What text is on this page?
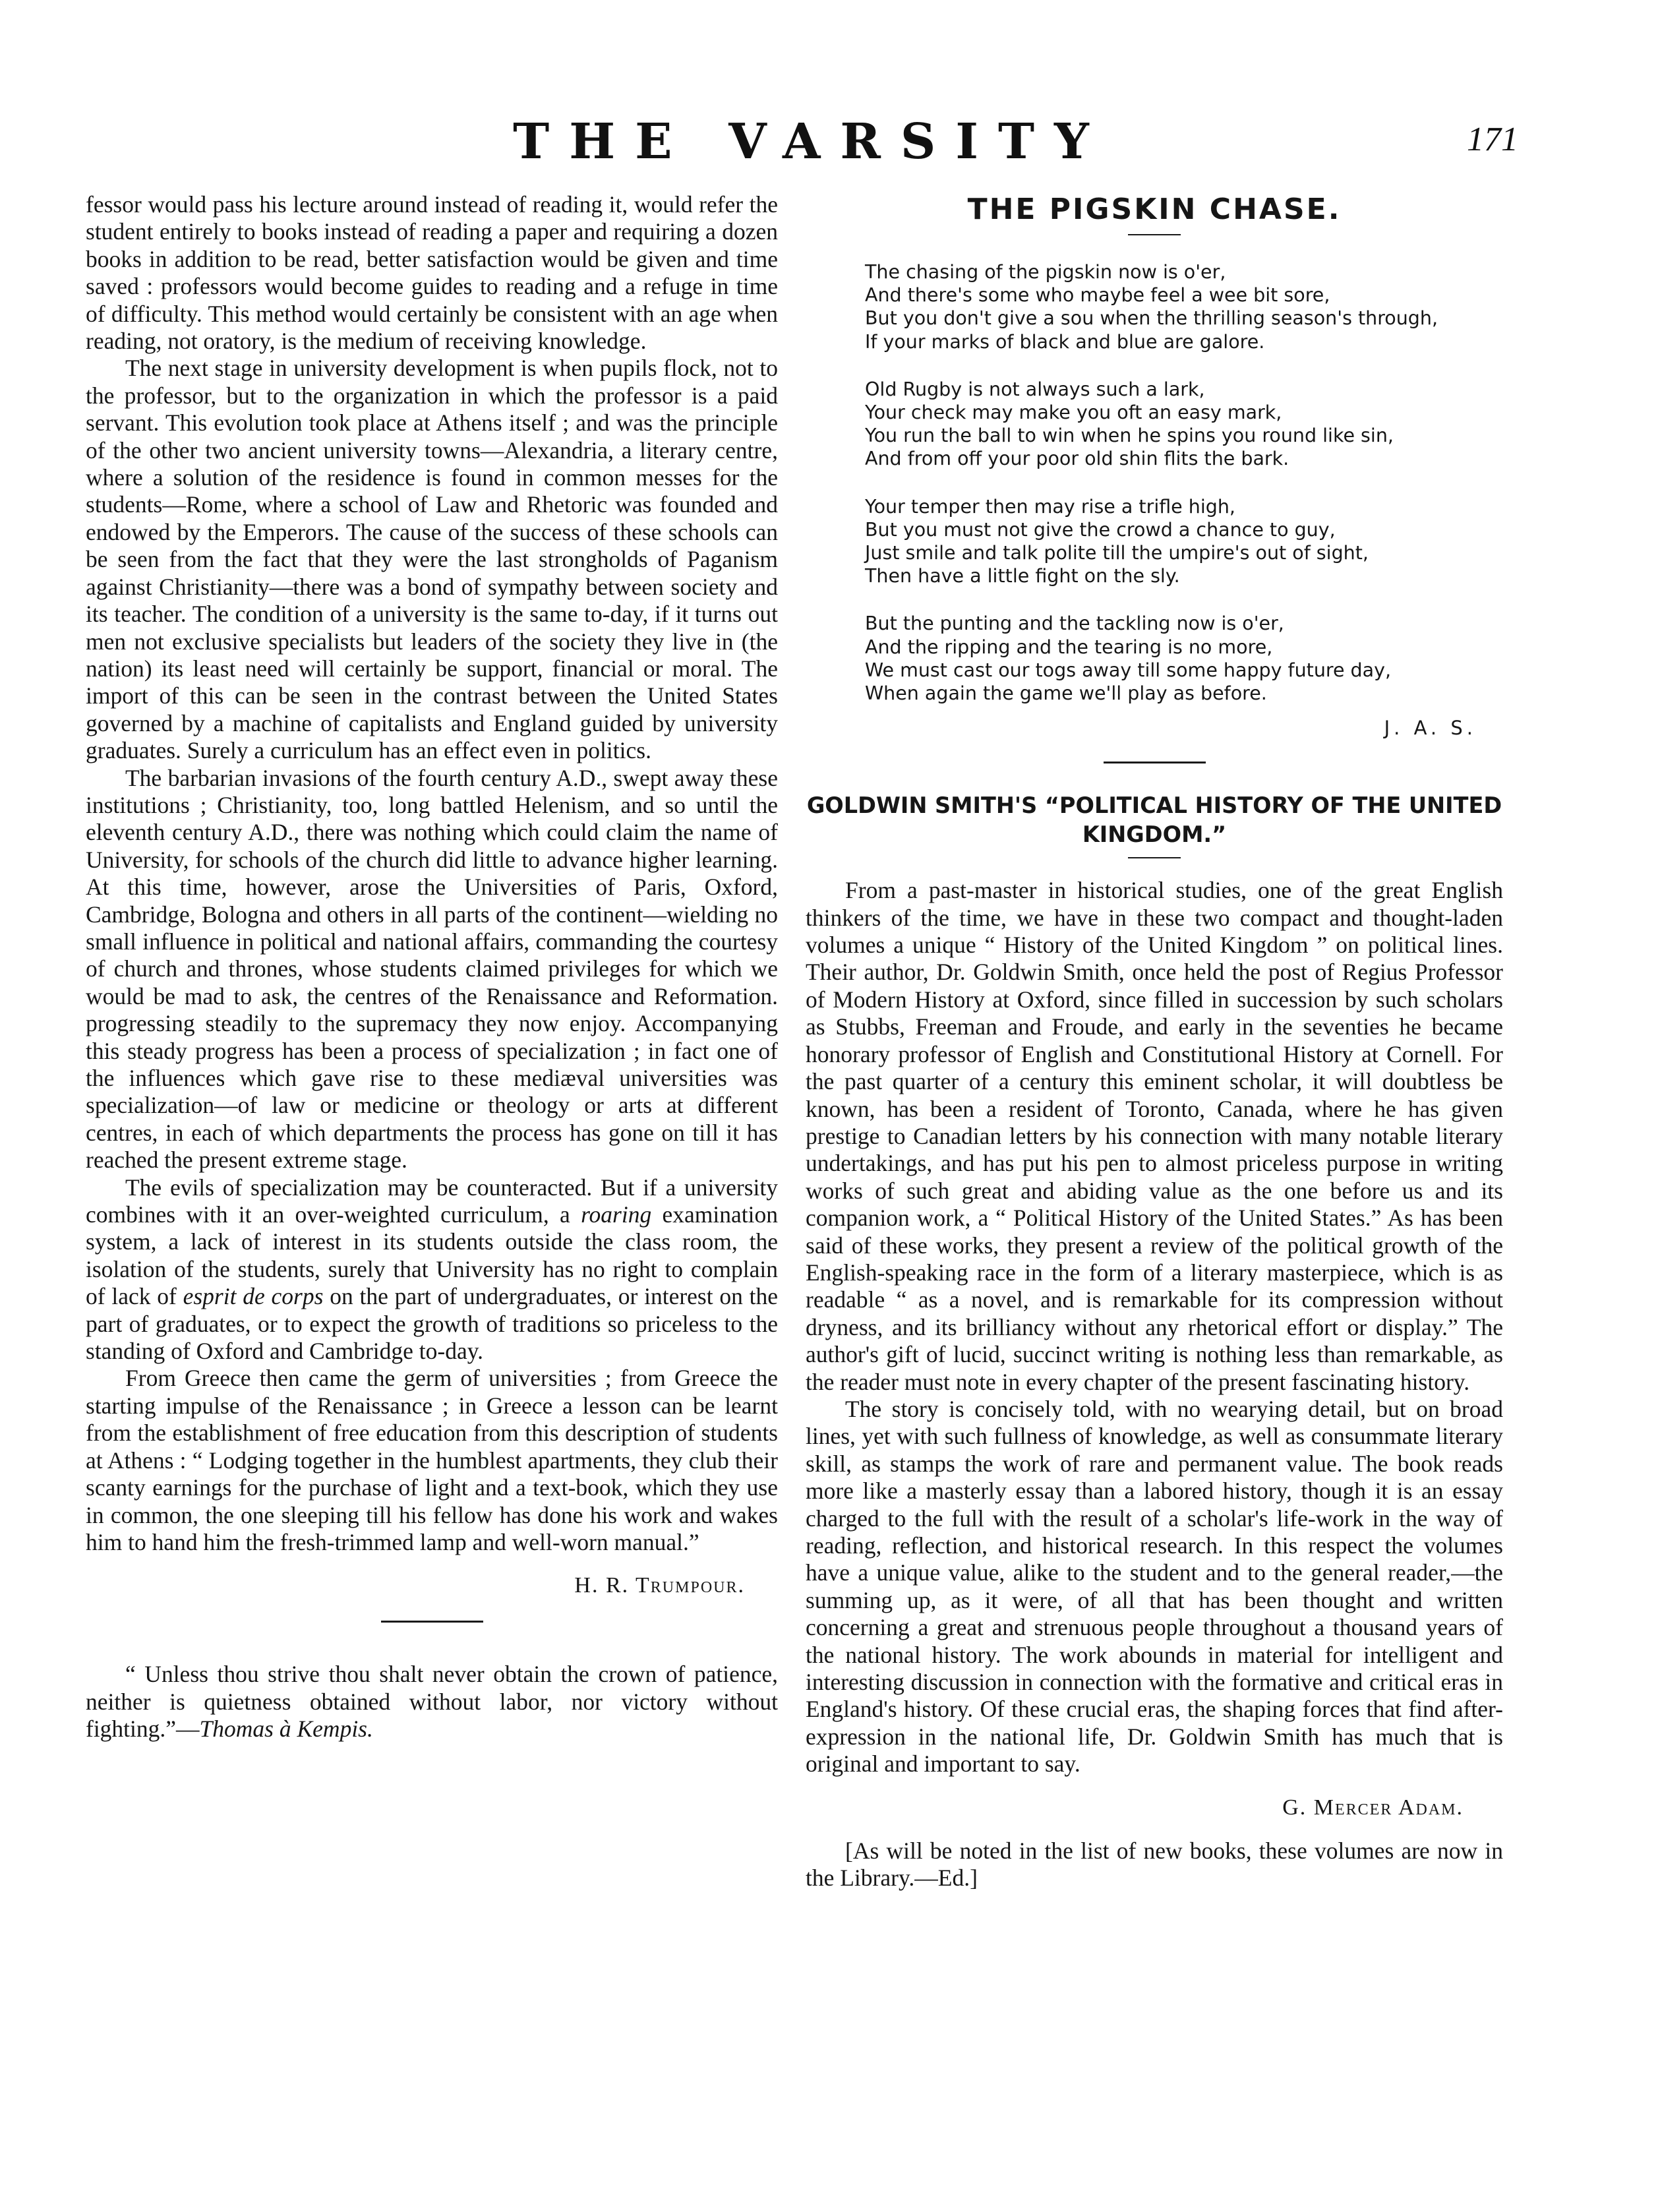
THE VARSITY	171

fessor would pass his lecture around instead of reading it, would refer the student entirely to books instead of reading a paper and requiring a dozen books in addition to be read, better satisfaction would be given and time saved : professors would become guides to reading and a refuge in time of difficulty. This method would certainly be consistent with an age when reading, not oratory, is the medium of receiving knowledge.

The next stage in university development is when pupils flock, not to the professor, but to the organization in which the professor is a paid servant. This evolution took place at Athens itself ; and was the principle of the other two ancient university towns—Alexandria, a literary centre, where a solution of the residence is found in common messes for the students—Rome, where a school of Law and Rhetoric was founded and endowed by the Emperors. The cause of the success of these schools can be seen from the fact that they were the last strongholds of Paganism against Christianity—there was a bond of sympathy between society and its teacher. The condition of a university is the same to-day, if it turns out men not exclusive specialists but leaders of the society they live in (the nation) its least need will certainly be support, financial or moral. The import of this can be seen in the contrast between the United States governed by a machine of capitalists and England guided by university graduates. Surely a curriculum has an effect even in politics.

The barbarian invasions of the fourth century A.D., swept away these institutions ; Christianity, too, long battled Helenism, and so until the eleventh century A.D., there was nothing which could claim the name of University, for schools of the church did little to advance higher learning. At this time, however, arose the Universities of Paris, Oxford, Cambridge, Bologna and others in all parts of the continent—wielding no small influence in political and national affairs, commanding the courtesy of church and thrones, whose students claimed privileges for which we would be mad to ask, the centres of the Renaissance and Reformation. progressing steadily to the supremacy they now enjoy. Accompanying this steady progress has been a process of specialization ; in fact one of the influences which gave rise to these mediæval universities was specialization—of law or medicine or theology or arts at different centres, in each of which departments the process has gone on till it has reached the present extreme stage.

The evils of specialization may be counteracted. But if a university combines with it an over-weighted curriculum, a roaring examination system, a lack of interest in its students outside the class room, the isolation of the students, surely that University has no right to complain of lack of esprit de corps on the part of undergraduates, or interest on the part of graduates, or to expect the growth of traditions so priceless to the standing of Oxford and Cambridge to-day.

From Greece then came the germ of universities ; from Greece the starting impulse of the Renaissance ; in Greece a lesson can be learnt from the establishment of free education from this description of students at Athens : “ Lodging together in the humblest apartments, they club their scanty earnings for the purchase of light and a text-book, which they use in common, the one sleeping till his fellow has done his work and wakes him to hand him the fresh-trimmed lamp and well-worn manual.”

H. R. Trumpour.

“ Unless thou strive thou shalt never obtain the crown of patience, neither is quietness obtained without labor, nor victory without fighting.”—Thomas à Kempis.

THE PIGSKIN CHASE.
The chasing of the pigskin now is o'er,
And there's some who maybe feel a wee bit sore,
But you don't give a sou when the thrilling season's through,
If your marks of black and blue are galore.
Old Rugby is not always such a lark,
Your check may make you oft an easy mark,
You run the ball to win when he spins you round like sin,
And from off your poor old shin flits the bark.
Your temper then may rise a trifle high,
But you must not give the crowd a chance to guy,
Just smile and talk polite till the umpire's out of sight,
Then have a little fight on the sly.
But the punting and the tackling now is o'er,
And the ripping and the tearing is no more,
We must cast our togs away till some happy future day,
When again the game we'll play as before.
J. A. S.
GOLDWIN SMITH'S “POLITICAL HISTORY OF THE UNITED KINGDOM.”

From a past-master in historical studies, one of the great English thinkers of the time, we have in these two compact and thought-laden volumes a unique “ History of the United Kingdom ” on political lines. Their author, Dr. Goldwin Smith, once held the post of Regius Professor of Modern History at Oxford, since filled in succession by such scholars as Stubbs, Freeman and Froude, and early in the seventies he became honorary professor of English and Constitutional History at Cornell. For the past quarter of a century this eminent scholar, it will doubtless be known, has been a resident of Toronto, Canada, where he has given prestige to Canadian letters by his connection with many notable literary undertakings, and has put his pen to almost priceless purpose in writing works of such great and abiding value as the one before us and its companion work, a “ Political History of the United States.” As has been said of these works, they present a review of the political growth of the English-speaking race in the form of a literary masterpiece, which is as readable “ as a novel, and is remarkable for its compression without dryness, and its brilliancy without any rhetorical effort or display.” The author's gift of lucid, succinct writing is nothing less than remarkable, as the reader must note in every chapter of the present fascinating history.

The story is concisely told, with no wearying detail, but on broad lines, yet with such fullness of knowledge, as well as consummate literary skill, as stamps the work of rare and permanent value. The book reads more like a masterly essay than a labored history, though it is an essay charged to the full with the result of a scholar's life-work in the way of reading, reflection, and historical research. In this respect the volumes have a unique value, alike to the student and to the general reader,—the summing up, as it were, of all that has been thought and written concerning a great and strenuous people throughout a thousand years of the national history. The work abounds in material for intelligent and interesting discussion in connection with the formative and critical eras in England's history. Of these crucial eras, the shaping forces that find after-expression in the national life, Dr. Goldwin Smith has much that is original and important to say.

G. Mercer Adam.

[As will be noted in the list of new books, these volumes are now in the Library.—Ed.]
